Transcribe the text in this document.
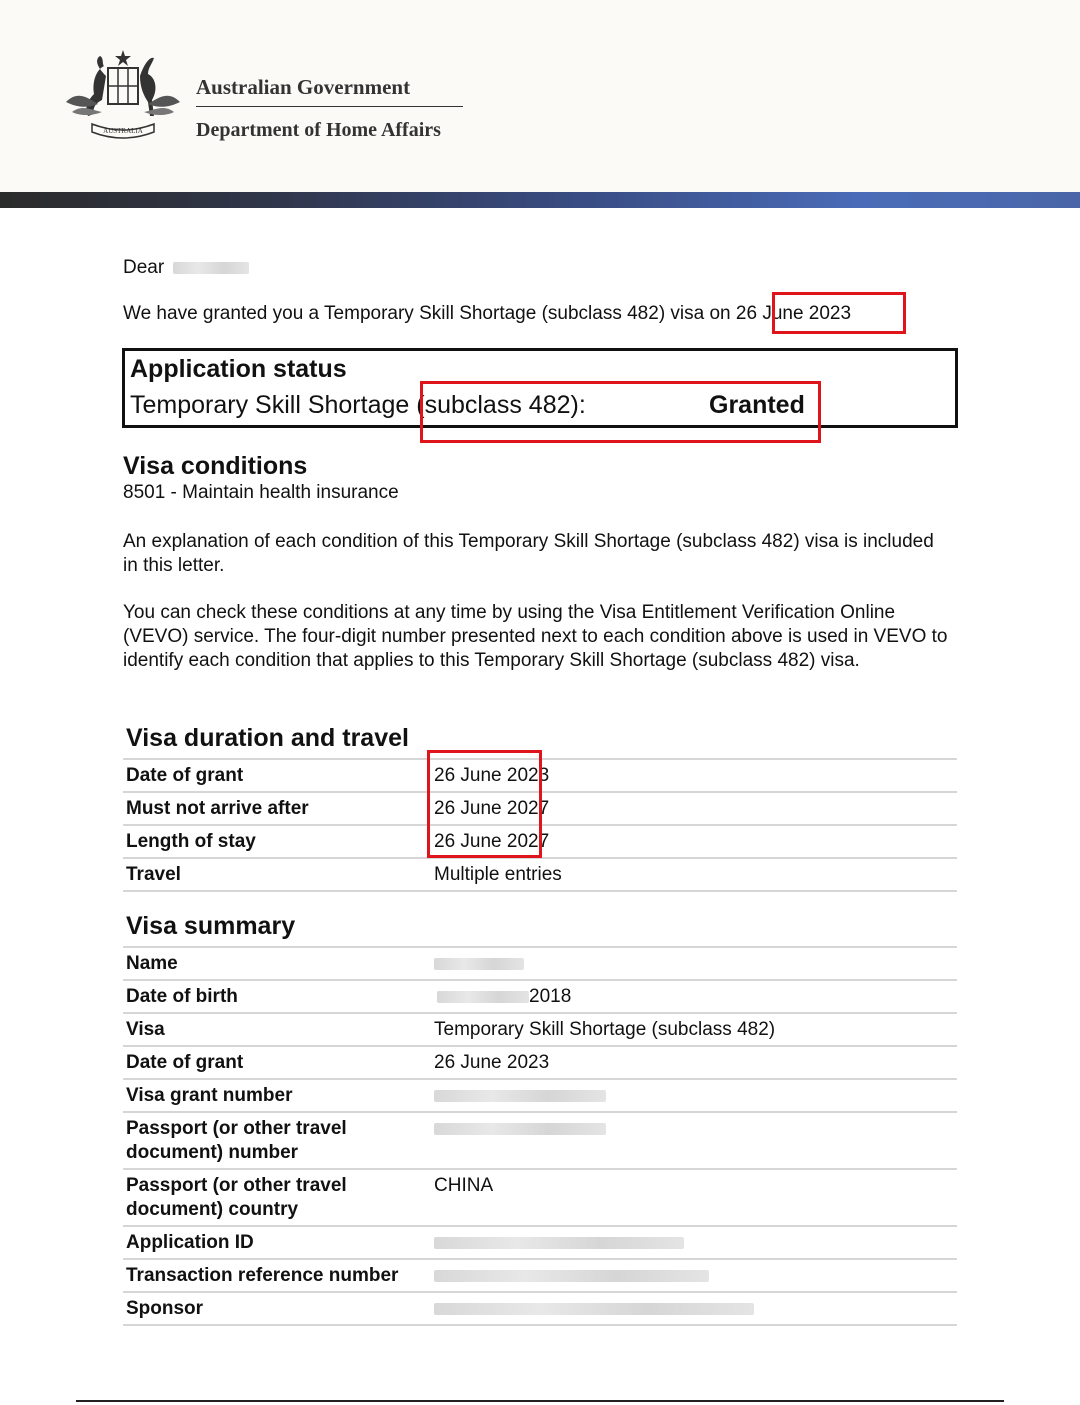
AUSTRALIA
Australian Government
Department of Home Affairs
Dear
We have granted you a Temporary Skill Shortage (subclass 482) visa on 26 June 2023
Application status
Temporary Skill Shortage (subclass 482):	Granted
Visa conditions
8501 - Maintain health insurance
An explanation of each condition of this Temporary Skill Shortage (subclass 482) visa is included in this letter.
You can check these conditions at any time by using the Visa Entitlement Verification Online (VEVO) service. The four-digit number presented next to each condition above is used in VEVO to identify each condition that applies to this Temporary Skill Shortage (subclass 482) visa.
Visa duration and travel
Date of grant	26 June 2023
Must not arrive after	26 June 2027
Length of stay	26 June 2027
Travel	Multiple entries
Visa summary
Name	
Date of birth	2018
Visa	Temporary Skill Shortage (subclass 482)
Date of grant	26 June 2023
Visa grant number	
Passport (or other travel document) number	
Passport (or other travel document) country	CHINA
Application ID	
Transaction reference number	
Sponsor	
